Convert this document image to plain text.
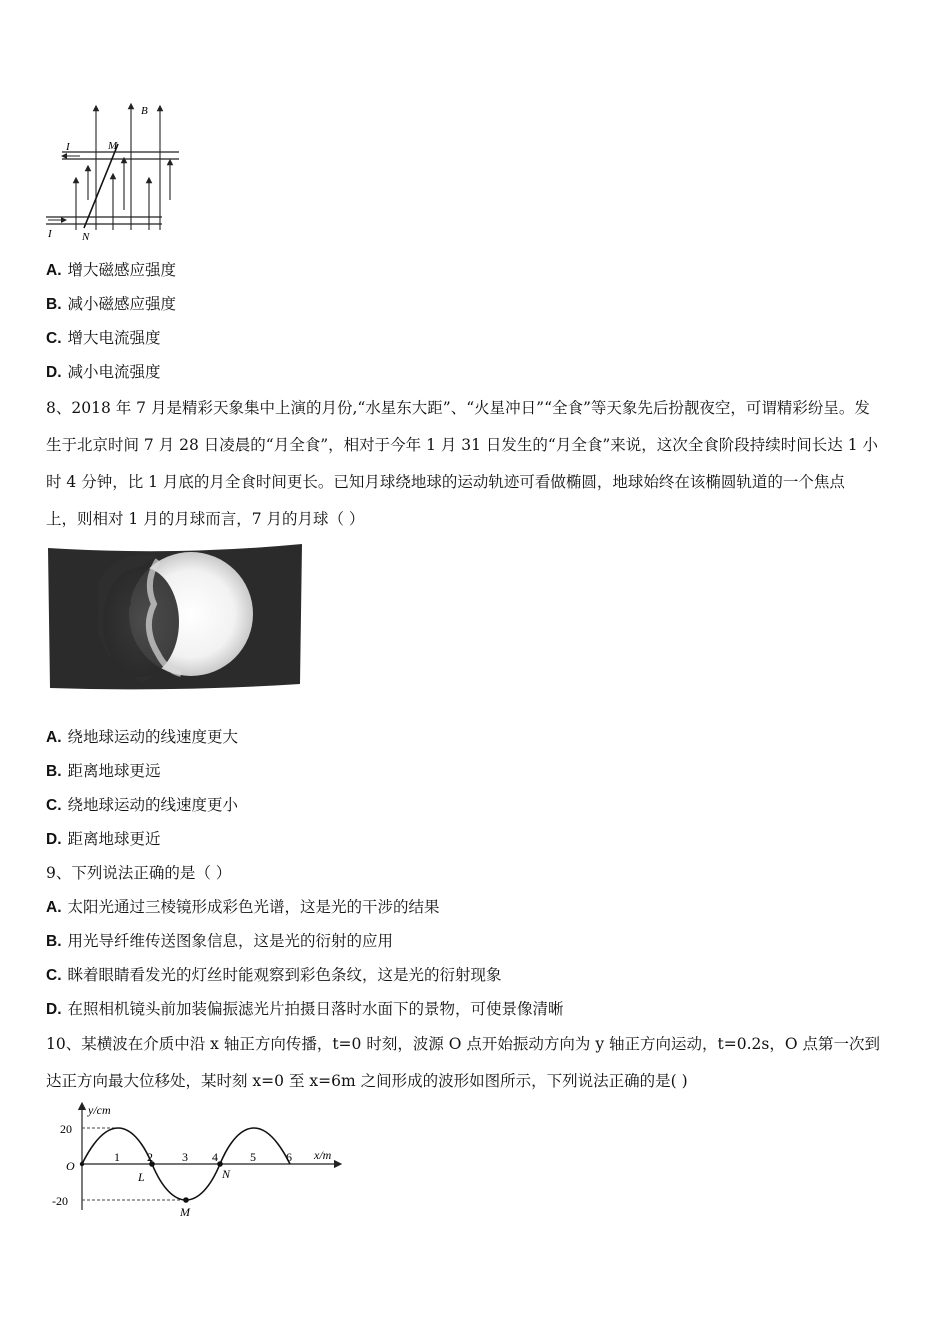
B
M
N
I
I
A. 增大磁感应强度
B. 减小磁感应强度
C. 增大电流强度
D. 减小电流强度
8、2018 年 7 月是精彩天象集中上演的月份,“水星东大距”、“火星冲日”“全食”等天象先后扮靓夜空，可谓精彩纷呈。发
生于北京时间 7 月 28 日凌晨的“月全食”，相对于今年 1 月 31 日发生的“月全食”来说，这次全食阶段持续时间长达 1 小
时 4 分钟，比 1 月底的月全食时间更长。已知月球绕地球的运动轨迹可看做椭圆，地球始终在该椭圆轨道的一个焦点
上，则相对 1 月的月球而言，7 月的月球（ ）
A. 绕地球运动的线速度更大
B. 距离地球更远
C. 绕地球运动的线速度更小
D. 距离地球更近
9、下列说法正确的是（ ）
A. 太阳光通过三棱镜形成彩色光谱，这是光的干涉的结果
B. 用光导纤维传送图象信息，这是光的衍射的应用
C. 眯着眼睛看发光的灯丝时能观察到彩色条纹，这是光的衍射现象
D. 在照相机镜头前加装偏振滤光片拍摄日落时水面下的景物，可使景像清晰
10、某横波在介质中沿 x 轴正方向传播，t=0 时刻，波源 O 点开始振动方向为 y 轴正方向运动，t=0.2s，O 点第一次到
达正方向最大位移处，某时刻 x=0 至 x=6m 之间形成的波形如图所示，下列说法正确的是( )
y/cm
x/m
O
20
-20
1 2 3 4	5	6
L
M
N
